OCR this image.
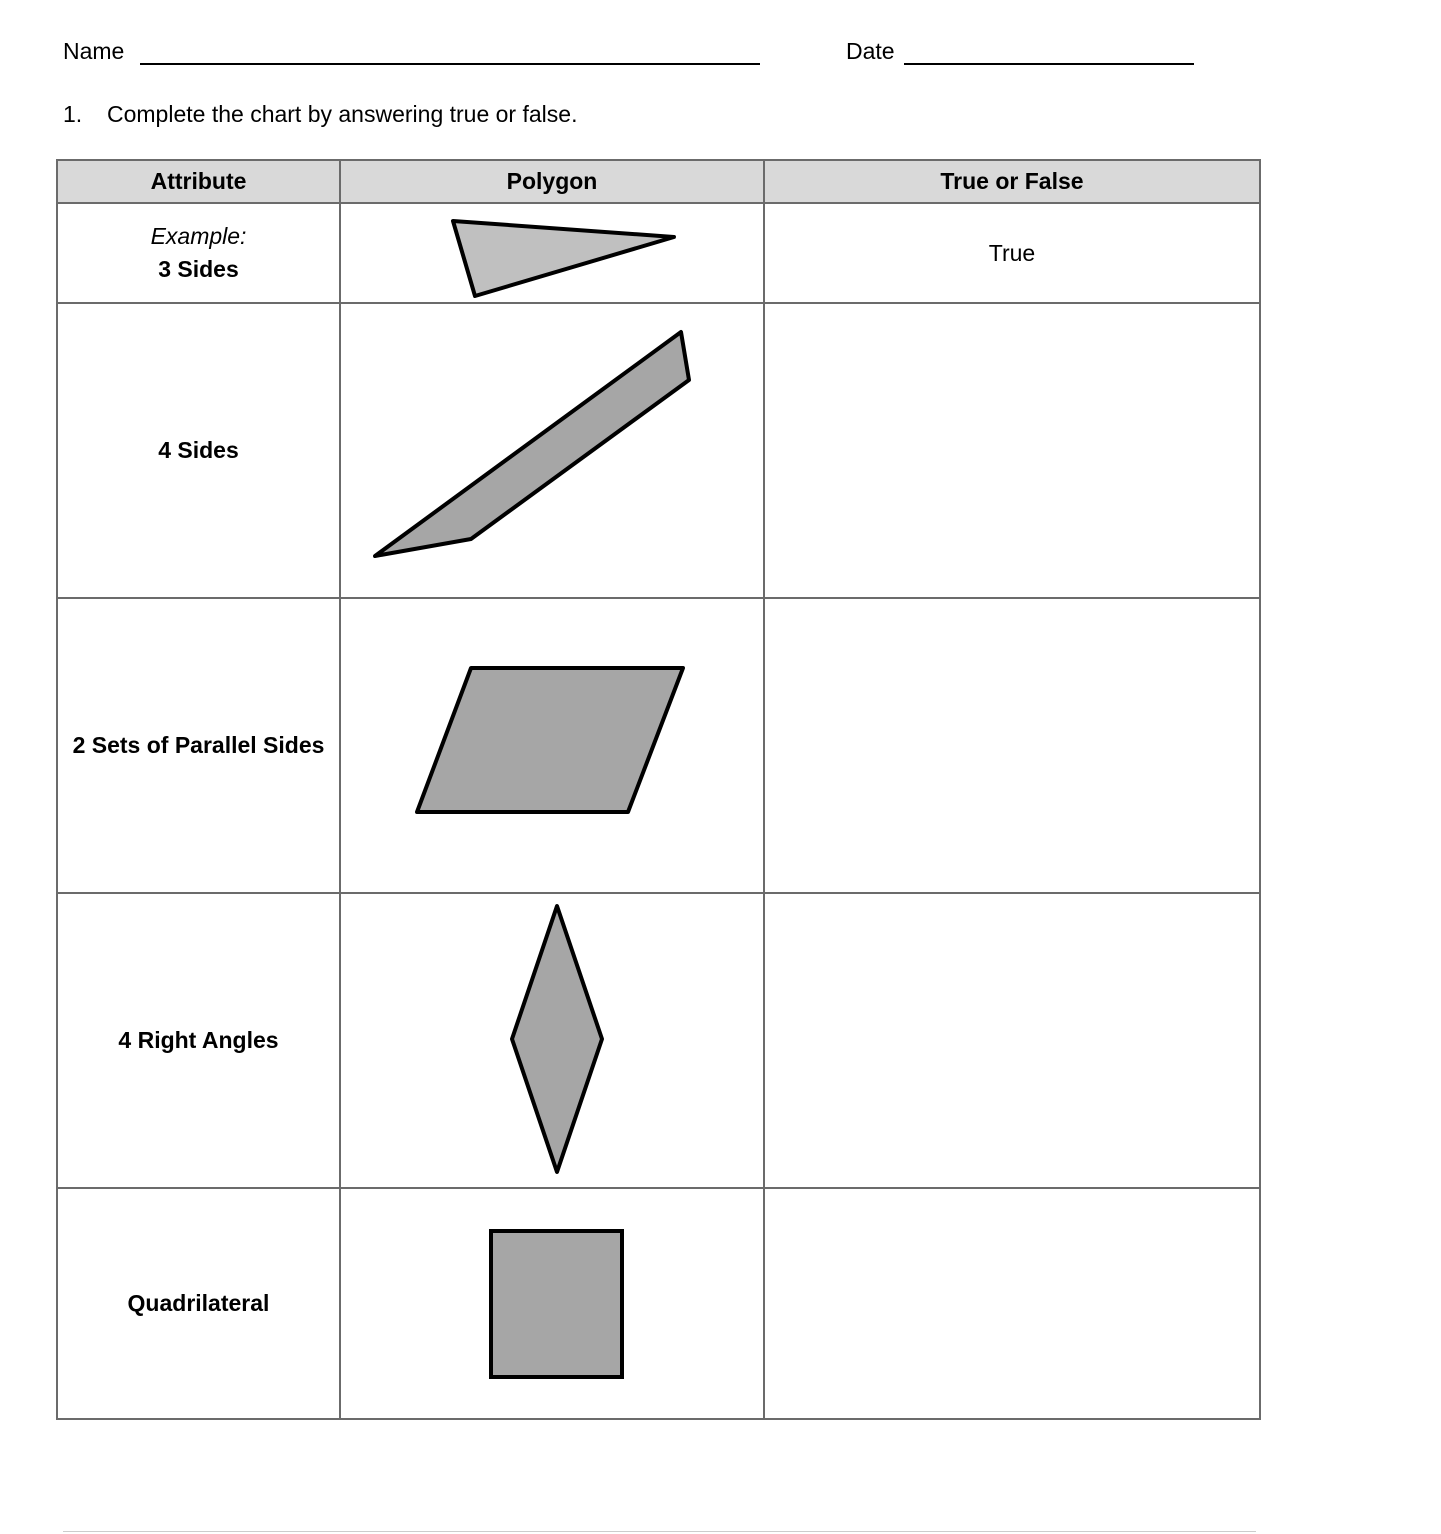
Name	Date
1. Complete the chart by answering true or false.
Attribute	Polygon	True or False

Example:
3 Sides		True
4 Sides	

2 Sets of Parallel Sides	

4 Right Angles	

Quadrilateral	
